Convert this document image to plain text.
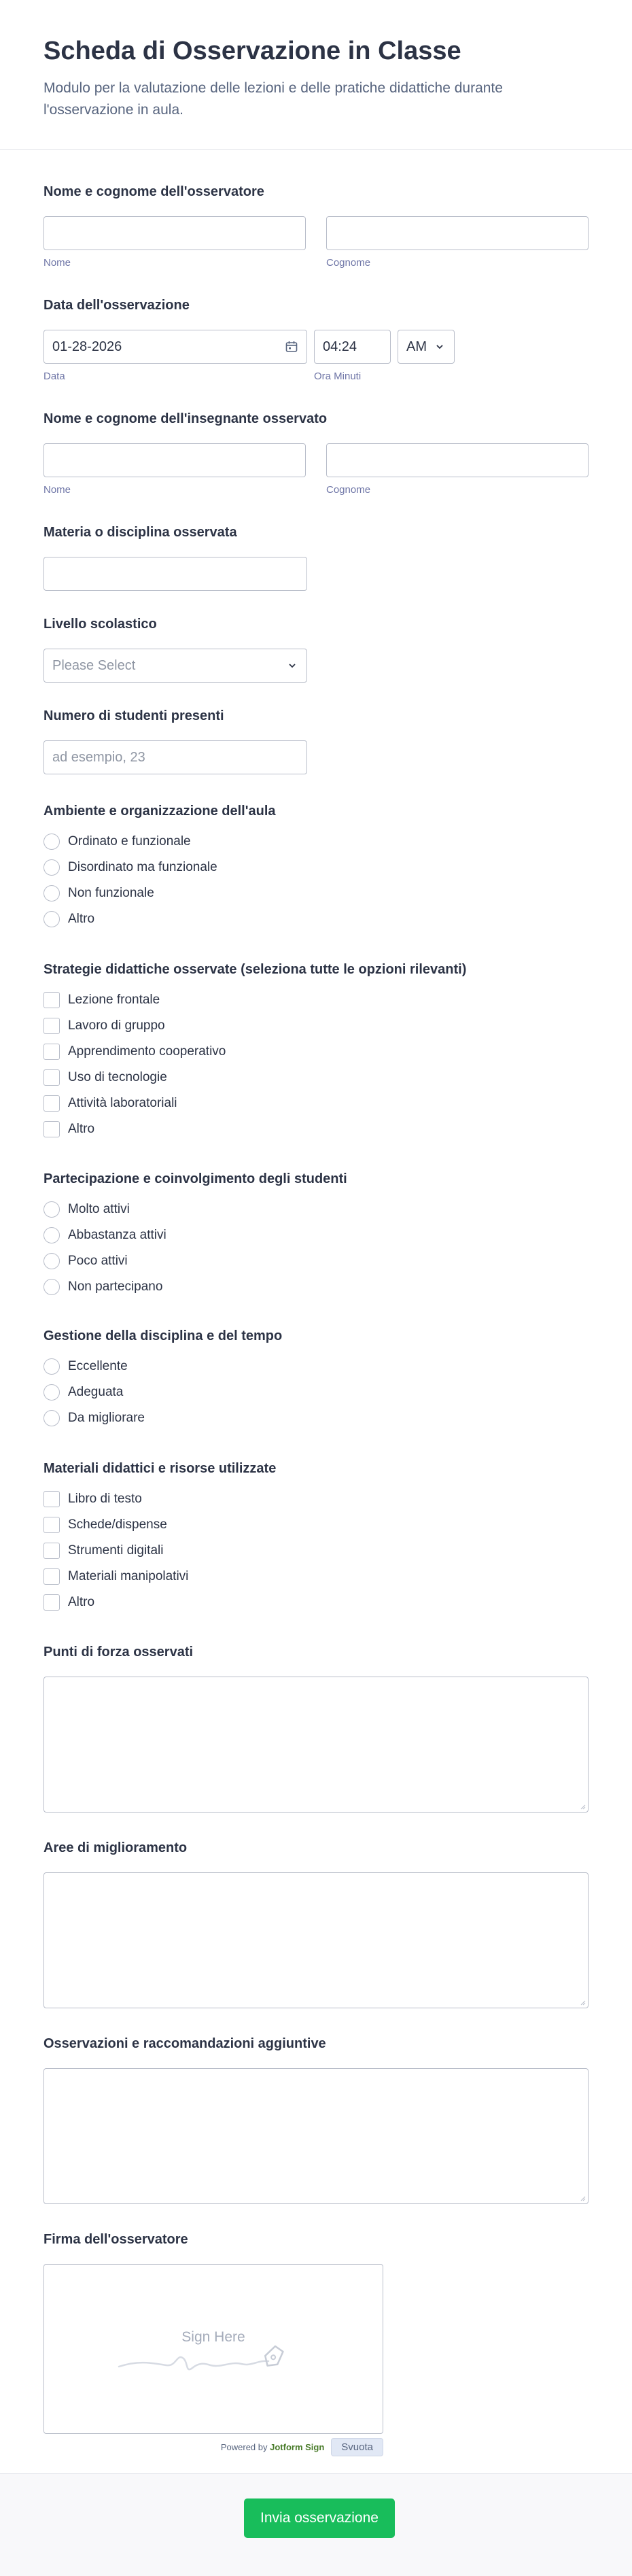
Scheda di Osservazione in Classe

Modulo per la valutazione delle lezioni e delle pratiche didattiche durante
l'osservazione in aula.

Nome e cognome dell'osservatore
Nome	Cognome
Data dell'osservazione
01-28-2026
Data
04:24	AM
Ora Minuti
Nome e cognome dell'insegnante osservato
Nome	Cognome
Materia o disciplina osservata
Livello scolastico
Please Select
Numero di studenti presenti
ad esempio, 23
Ambiente e organizzazione dell'aula
Ordinato e funzionale
Disordinato ma funzionale
Non funzionale
Altro
Strategie didattiche osservate (seleziona tutte le opzioni rilevanti)
Lezione frontale
Lavoro di gruppo
Apprendimento cooperativo
Uso di tecnologie
Attività laboratoriali
Altro
Partecipazione e coinvolgimento degli studenti
Molto attivi
Abbastanza attivi
Poco attivi
Non partecipano
Gestione della disciplina e del tempo
Eccellente
Adeguata
Da migliorare
Materiali didattici e risorse utilizzate
Libro di testo
Schede/dispense
Strumenti digitali
Materiali manipolativi
Altro
Punti di forza osservati
Aree di miglioramento
Osservazioni e raccomandazioni aggiuntive
Firma dell'osservatore
Sign Here
Powered by Jotform Sign	Svuota
Invia osservazione
